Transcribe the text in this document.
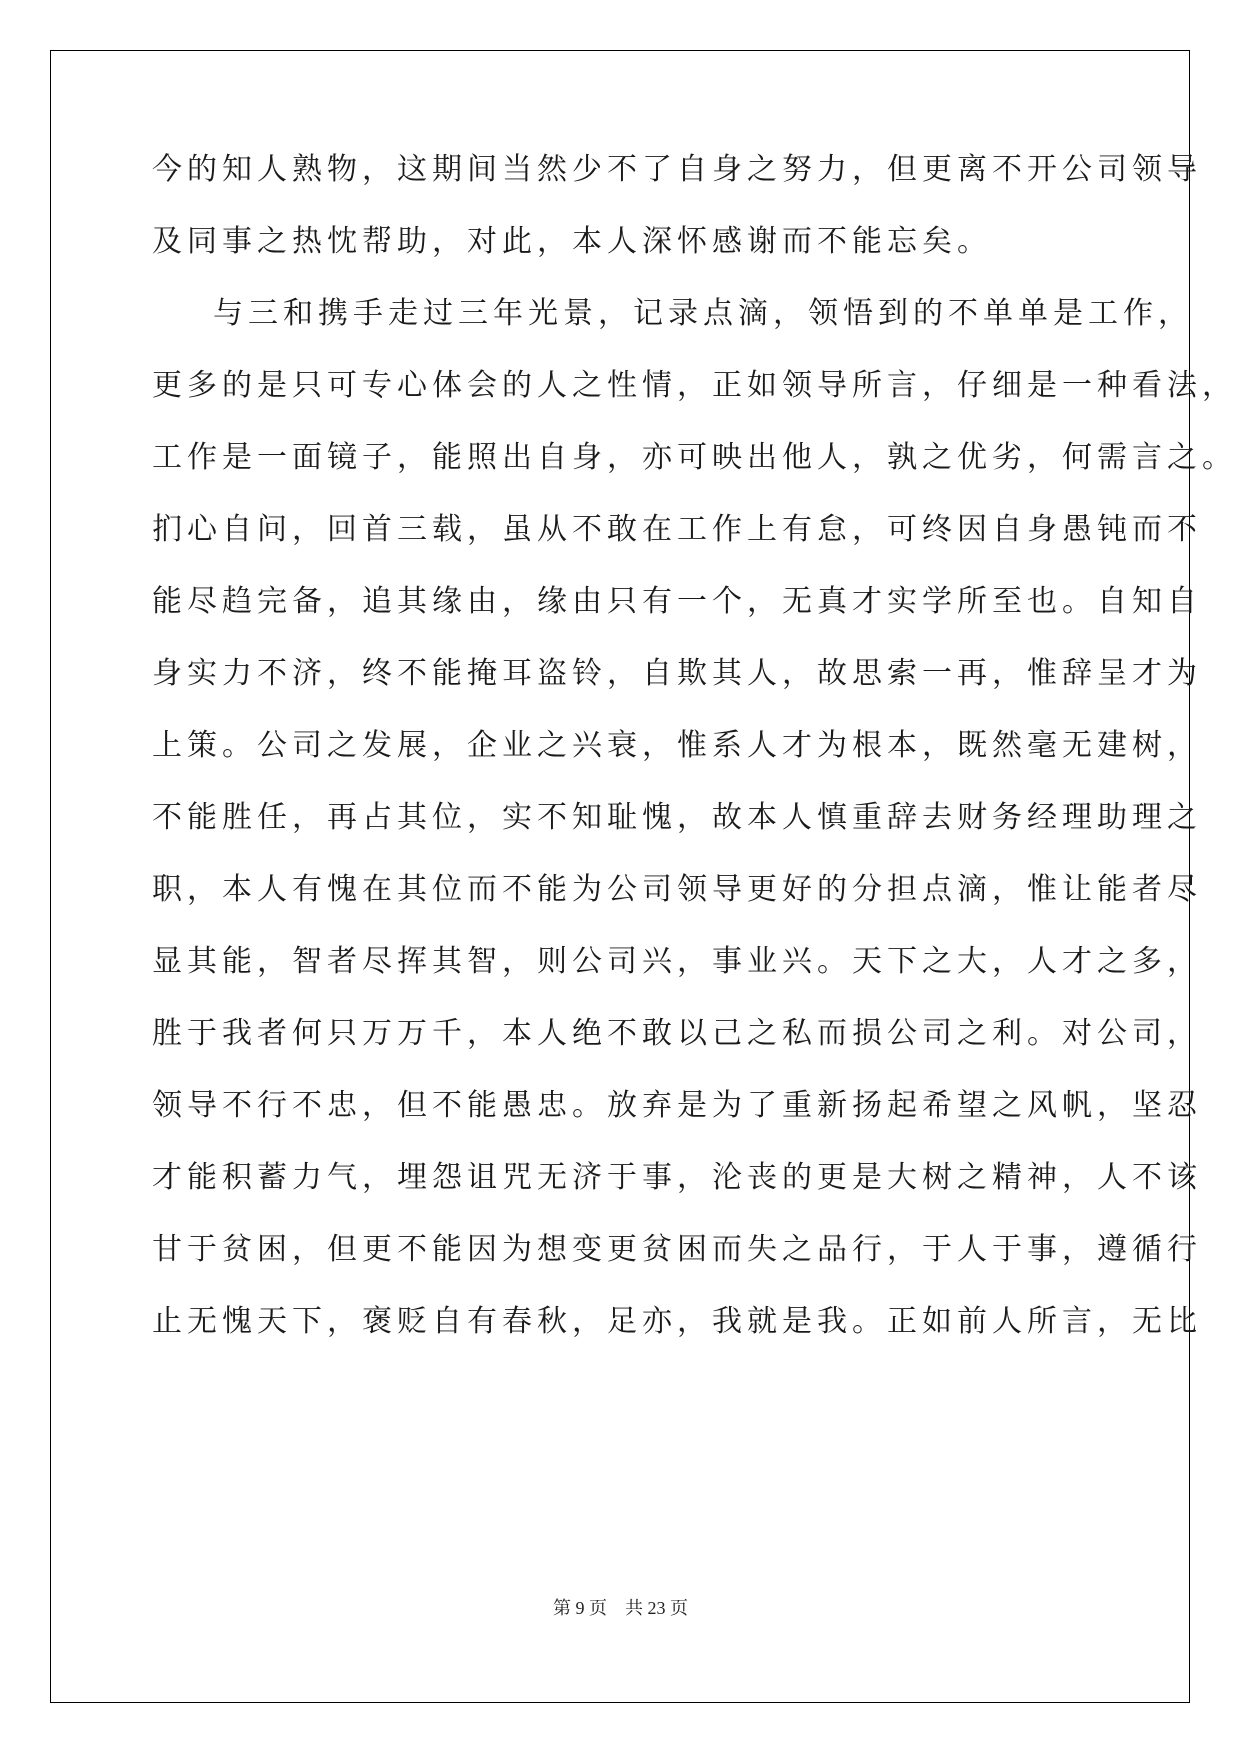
今的知人熟物，这期间当然少不了自身之努力，但更离不开公司领导
及同事之热忱帮助，对此，本人深怀感谢而不能忘矣。
与三和携手走过三年光景，记录点滴，领悟到的不单单是工作，
更多的是只可专心体会的人之性情，正如领导所言，仔细是一种看法，
工作是一面镜子，能照出自身，亦可映出他人，孰之优劣，何需言之。
扪心自问，回首三载，虽从不敢在工作上有怠，可终因自身愚钝而不
能尽趋完备，追其缘由，缘由只有一个，无真才实学所至也。自知自
身实力不济，终不能掩耳盗铃，自欺其人，故思索一再，惟辞呈才为
上策。公司之发展，企业之兴衰，惟系人才为根本，既然毫无建树，
不能胜任，再占其位，实不知耻愧，故本人慎重辞去财务经理助理之
职，本人有愧在其位而不能为公司领导更好的分担点滴，惟让能者尽
显其能，智者尽挥其智，则公司兴，事业兴。天下之大，人才之多，
胜于我者何只万万千，本人绝不敢以己之私而损公司之利。对公司，
领导不行不忠，但不能愚忠。放弃是为了重新扬起希望之风帆，坚忍
才能积蓄力气，埋怨诅咒无济于事，沦丧的更是大树之精神，人不该
甘于贫困，但更不能因为想变更贫困而失之品行，于人于事，遵循行
止无愧天下，褒贬自有春秋，足亦，我就是我。正如前人所言，无比
第 9 页    共 23 页
